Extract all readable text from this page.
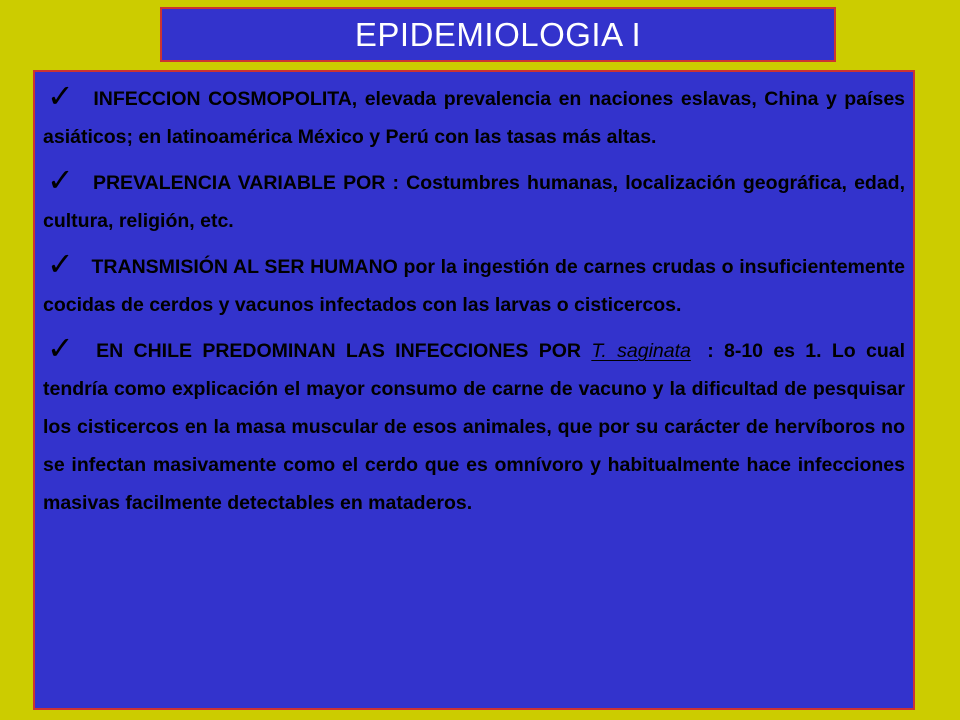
EPIDEMIOLOGIA I

✓ INFECCION COSMOPOLITA, elevada prevalencia en naciones eslavas, China y países asiáticos; en latinoamérica México y Perú con las tasas más altas.

✓ PREVALENCIA VARIABLE POR : Costumbres humanas, localización geográfica, edad, cultura, religión, etc.

✓ TRANSMISIÓN AL SER HUMANO por la ingestión de carnes crudas o insuficientemente cocidas de cerdos y vacunos infectados con las larvas o cisticercos.

✓ EN CHILE PREDOMINAN LAS INFECCIONES POR T. saginata : 8-10 es 1. Lo cual tendría como explicación el mayor consumo de carne de vacuno y la dificultad de pesquisar los cisticercos en la masa muscular de esos animales, que por su carácter de hervíboros no se infectan masivamente como el cerdo que es omnívoro y habitualmente hace infecciones masivas facilmente detectables en mataderos.
